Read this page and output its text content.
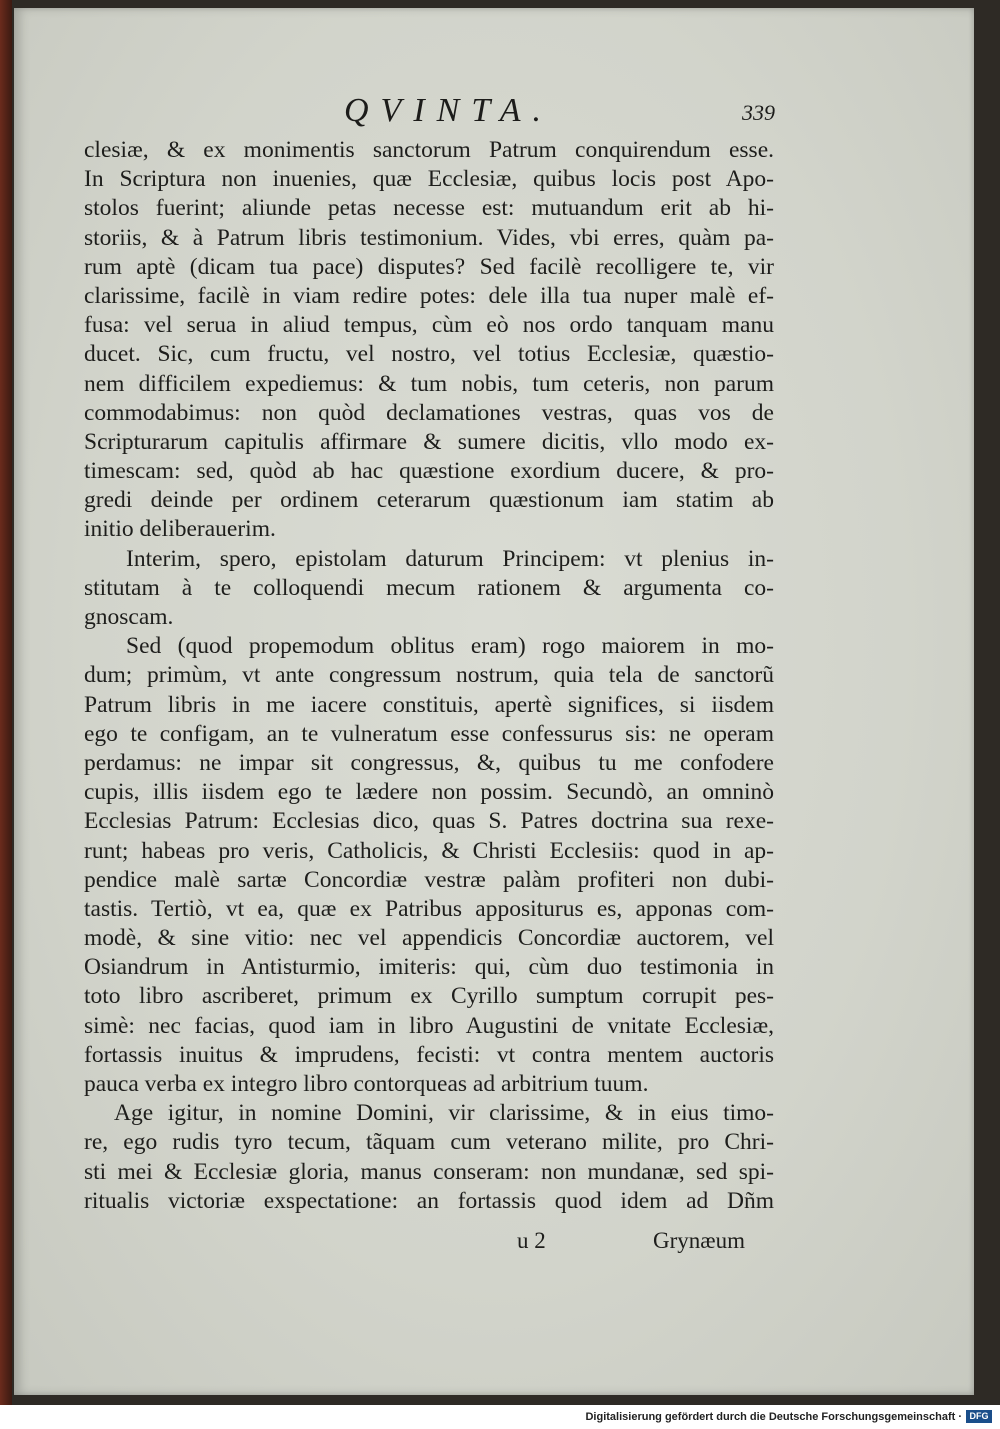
QVINTA.	339
clesiæ, & ex monimentis sanctorum Patrum conquirendum esse.
In Scriptura non inuenies, quæ Ecclesiæ, quibus locis post Apo-
stolos fuerint; aliunde petas necesse est: mutuandum erit ab hi-
storiis, & à Patrum libris testimonium. Vides, vbi erres, quàm pa-
rum aptè (dicam tua pace) disputes? Sed facilè recolligere te, vir
clarissime, facilè in viam redire potes: dele illa tua nuper malè ef-
fusa: vel serua in aliud tempus, cùm eò nos ordo tanquam manu
ducet. Sic, cum fructu, vel nostro, vel totius Ecclesiæ, quæstio-
nem difficilem expediemus: & tum nobis, tum ceteris, non parum
commodabimus: non quòd declamationes vestras, quas vos de
Scripturarum capitulis affirmare & sumere dicitis, vllo modo ex-
timescam: sed, quòd ab hac quæstione exordium ducere, & pro-
gredi deinde per ordinem ceterarum quæstionum iam statim ab
initio deliberauerim.
Interim, spero, epistolam daturum Principem: vt plenius in-
stitutam à te colloquendi mecum rationem & argumenta co-
gnoscam.
Sed (quod propemodum oblitus eram) rogo maiorem in mo-
dum; primùm, vt ante congressum nostrum, quia tela de sanctorũ
Patrum libris in me iacere constituis, apertè significes, si iisdem
ego te configam, an te vulneratum esse confessurus sis: ne operam
perdamus: ne impar sit congressus, &, quibus tu me confodere
cupis, illis iisdem ego te lædere non possim. Secundò, an omninò
Ecclesias Patrum: Ecclesias dico, quas S. Patres doctrina sua rexe-
runt; habeas pro veris, Catholicis, & Christi Ecclesiis: quod in ap-
pendice malè sartæ Concordiæ vestræ palàm profiteri non dubi-
tastis. Tertiò, vt ea, quæ ex Patribus appositurus es, apponas com-
modè, & sine vitio: nec vel appendicis Concordiæ auctorem, vel
Osiandrum in Antisturmio, imiteris: qui, cùm duo testimonia in
toto libro ascriberet, primum ex Cyrillo sumptum corrupit pes-
simè: nec facias, quod iam in libro Augustini de vnitate Ecclesiæ,
fortassis inuitus & imprudens, fecisti: vt contra mentem auctoris
pauca verba ex integro libro contorqueas ad arbitrium tuum.
Age igitur, in nomine Domini, vir clarissime, & in eius timo-
re, ego rudis tyro tecum, tãquam cum veterano milite, pro Chri-
sti mei & Ecclesiæ gloria, manus conseram: non mundanæ, sed spi-
ritualis victoriæ exspectatione: an fortassis quod idem ad Dñm
u 2	Grynæum
Digitalisierung gefördert durch die Deutsche Forschungsgemeinschaft · DFG
